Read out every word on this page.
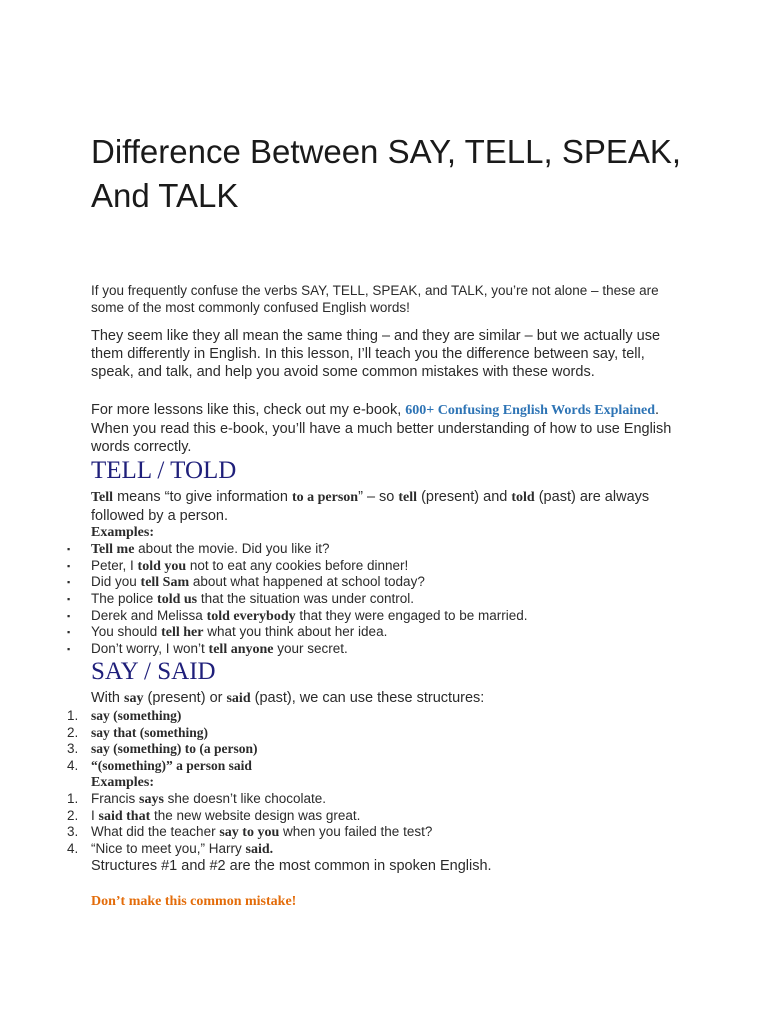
Difference Between SAY, TELL, SPEAK, And TALK

If you frequently confuse the verbs SAY, TELL, SPEAK, and TALK, you’re not alone – these are some of the most commonly confused English words!

They seem like they all mean the same thing – and they are similar – but we actually use them differently in English. In this lesson, I’ll teach you the difference between say, tell, speak, and talk, and help you avoid some common mistakes with these words.

For more lessons like this, check out my e-book, 600+ Confusing English Words Explained. When you read this e-book, you’ll have a much better understanding of how to use English words correctly.

TELL / TOLD

Tell means “to give information to a person” – so tell (present) and told (past) are always followed by a person.

Examples:

▪ Tell me about the movie. Did you like it?
▪ Peter, I told you not to eat any cookies before dinner!
▪ Did you tell Sam about what happened at school today?
▪ The police told us that the situation was under control.
▪ Derek and Melissa told everybody that they were engaged to be married.
▪ You should tell her what you think about her idea.
▪ Don’t worry, I won’t tell anyone your secret.
SAY / SAID

With say (present) or said (past), we can use these structures:

1. say (something)
2. say that (something)
3. say (something) to (a person)
4. “(something)” a person said

Examples:

1. Francis says she doesn’t like chocolate.
2. I said that the new website design was great.
3. What did the teacher say to you when you failed the test?
4. “Nice to meet you,” Harry said.

Structures #1 and #2 are the most common in spoken English.

Don’t make this common mistake!
